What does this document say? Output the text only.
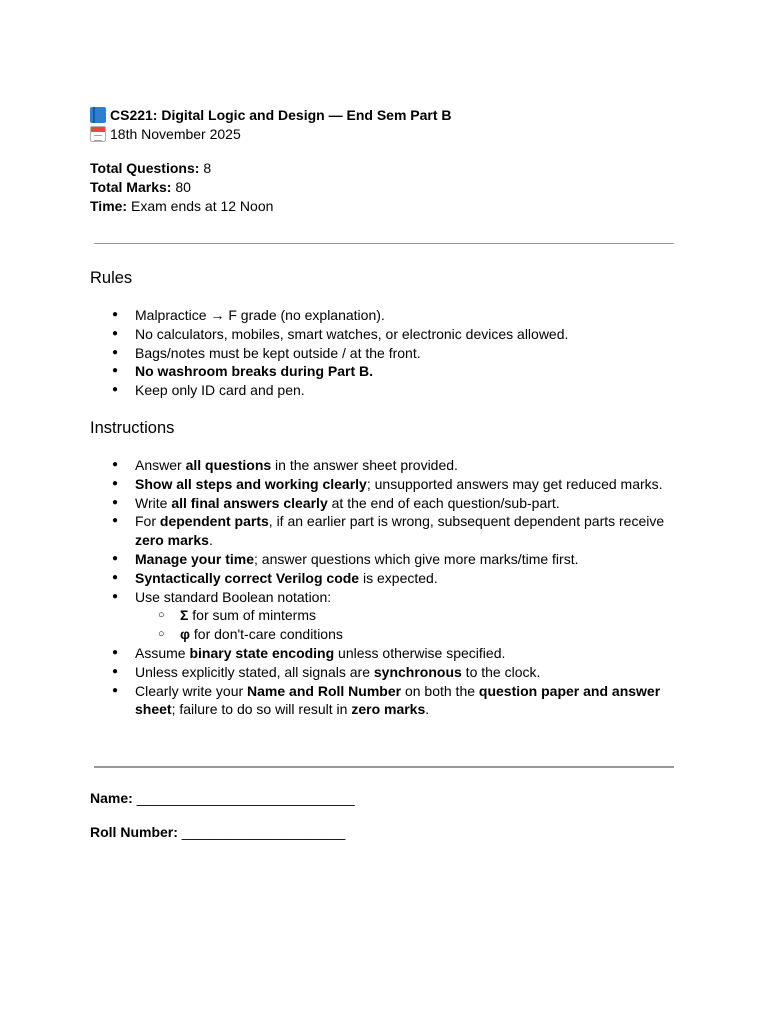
CS221: Digital Logic and Design — End Sem Part B
18th November 2025
Total Questions: 8
Total Marks: 80
Time: Exam ends at 12 Noon
Rules
● Malpractice → F grade (no explanation).
● No calculators, mobiles, smart watches, or electronic devices allowed.
● Bags/notes must be kept outside / at the front.
● No washroom breaks during Part B.
● Keep only ID card and pen.
Instructions
● Answer all questions in the answer sheet provided.
● Show all steps and working clearly; unsupported answers may get reduced marks.
● Write all final answers clearly at the end of each question/sub-part.
● For dependent parts, if an earlier part is wrong, subsequent dependent parts receive zero marks.
● Manage your time; answer questions which give more marks/time first.
● Syntactically correct Verilog code is expected.
● Use standard Boolean notation:
○ Σ for sum of minterms
○ φ for don't-care conditions
● Assume binary state encoding unless otherwise specified.
● Unless explicitly stated, all signals are synchronous to the clock.
● Clearly write your Name and Roll Number on both the question paper and answer sheet; failure to do so will result in zero marks.
Name: ____________________________
Roll Number: _____________________
